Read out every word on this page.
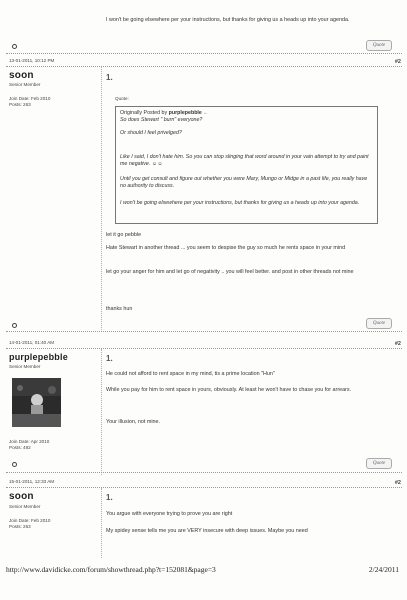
I won't be going elsewhere per your instructions, but thanks for giving us a heads up into your agenda.
Quote
13-01-2011, 10:12 PM	#2
soon
Senior Member
Join Date: Feb 2010
Posts: 263
1.
Quote:
Originally Posted by purplepebble ←
So does Stewart " burn" everyone?
Or should I feel privelged?
Like I said, I don't hate him. So you can stop slinging that word around in your vain attempt to try and paint me negative. ☺☺
Until you get consult and figure out whether you were Mary, Mungo or Midge in a past life, you really have no authority to discuss.
I won't be going elsewhere per your instructions, but thanks for giving us a heads up into your agenda.
let it go pebble
Hate Stewart in another thread ... you seem to despise the guy so much he rents space in your mind
let go your anger for him and let go of negativity .. you will feel better. and post in other threads not mine
thanks hun
Quote
14-01-2011, 01:40 AM	#2
purplepebble
Senior Member
Join Date: Apr 2010
Posts: 492
1.
He could not afford to rent space in my mind, tis a prime location "Hun"
While you pay for him to rent space in yours, obviously. At least he won't have to chase you for arrears.
Your illusion, not mine.
Quote
15-01-2011, 12:33 AM	#2
soon
Senior Member
Join Date: Feb 2010
Posts: 263
1.
You argue with everyone trying to prove you are right
My spidey sense tells me you are VERY insecure with deep issues. Maybe you need
http://www.davidicke.com/forum/showthread.php?t=152081&page=3	2/24/2011
